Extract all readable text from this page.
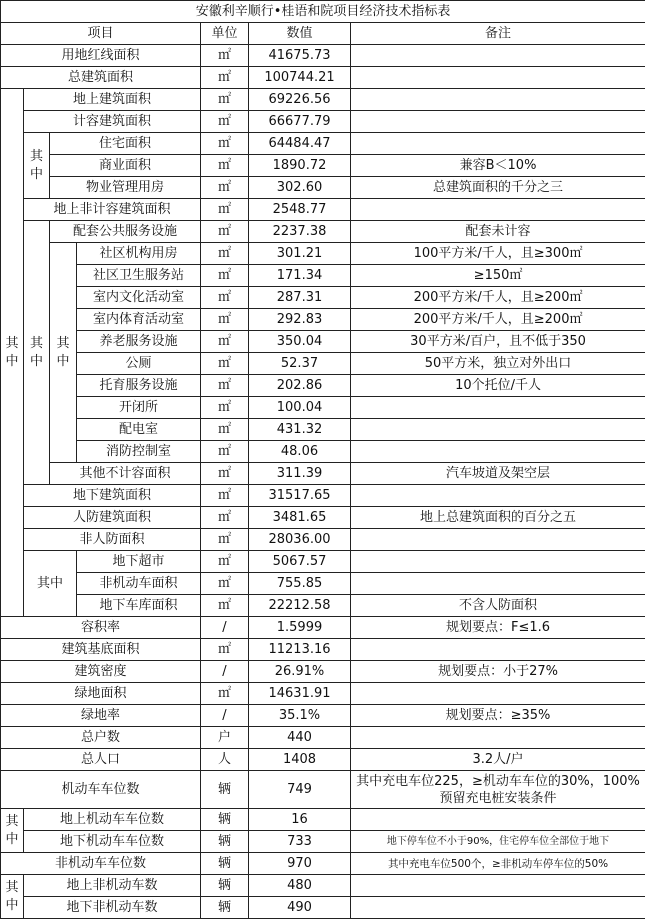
安徽利辛顺行•桂语和院项目经济技术指标表						
项目				单位	数值	备注
用地红线面积				㎡	41675.73	
总建筑面积				㎡	100744.21	
其中	地上建筑面积			㎡	69226.56	
	计容建筑面积			㎡	66677.79	
	其中	住宅面积		㎡	64484.47	
		商业面积		㎡	1890.72	兼容B＜10%
		物业管理用房		㎡	302.60	总建筑面积的千分之三
	地上非计容建筑面积			㎡	2548.77	
	其中	配套公共服务设施		㎡	2237.38	配套未计容
		其中	社区机构用房	㎡	301.21	100平方米/千人，且≥300㎡
			社区卫生服务站	㎡	171.34	≥150㎡
			室内文化活动室	㎡	287.31	200平方米/千人，且≥200㎡
			室内体育活动室	㎡	292.83	200平方米/千人，且≥200㎡
			养老服务设施	㎡	350.04	30平方米/百户，且不低于350
			公厕	㎡	52.37	50平方米，独立对外出口
			托育服务设施	㎡	202.86	10个托位/千人
			开闭所	㎡	100.04	
			配电室	㎡	431.32	
			消防控制室	㎡	48.06	
		其他不计容面积		㎡	311.39	汽车坡道及架空层
	地下建筑面积			㎡	31517.65	
	人防建筑面积			㎡	3481.65	地上总建筑面积的百分之五
	非人防面积			㎡	28036.00	
	其中		地下超市	㎡	5067.57	
			非机动车面积	㎡	755.85	
			地下车库面积	㎡	22212.58	不含人防面积
容积率				/	1.5999	规划要点：F≤1.6
建筑基底面积				㎡	11213.16	
建筑密度				/	26.91%	规划要点：小于27%
绿地面积				㎡	14631.91	
绿地率				/	35.1%	规划要点：≥35%
总户数				户	440	
总人口				人	1408	3.2人/户
机动车车位数				辆	749	其中充电车位225，≥机动车车位的30%，100%预留充电桩安装条件
其中	地上机动车车位数			辆	16	
	地下机动车车位数			辆	733	地下停车位不小于90%，住宅停车位全部位于地下
非机动车车位数				辆	970	其中充电车位500个，≥非机动车停车位的50%
其中	地上非机动车数			辆	480	
	地下非机动车数			辆	490	
